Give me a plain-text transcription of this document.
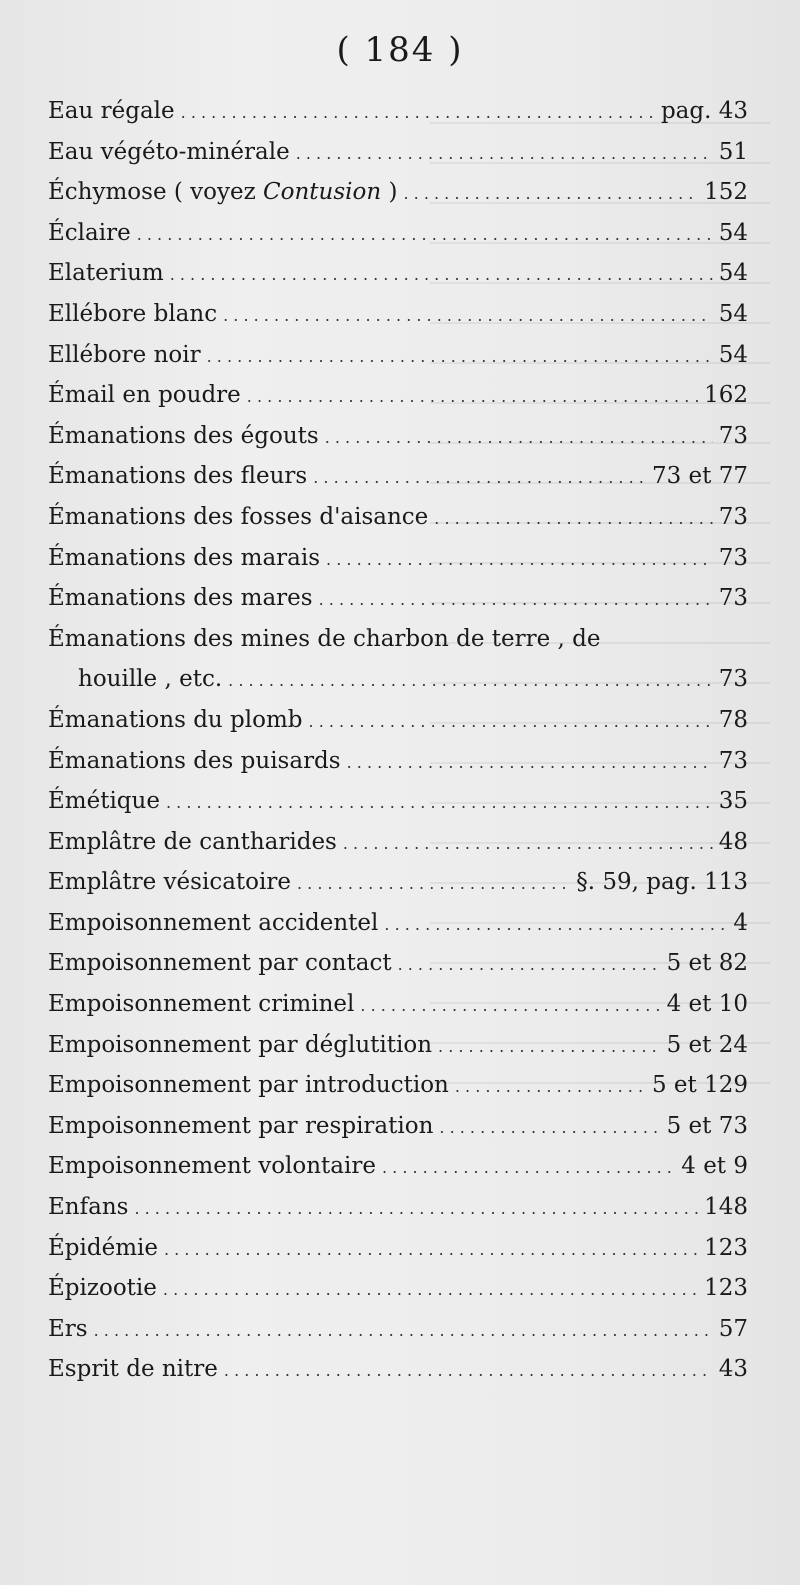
( 184 )
Eau régale . . .	pag. 43
Eau végéto-minérale . . .	51
Échymose ( voyez Contusion ) . . .	152
Éclaire . . .	54
Elaterium . . .	54
Ellébore blanc . . .	54
Ellébore noir . . .	54
Émail en poudre . . .	162
Émanations des égouts . . .	73
Émanations des fleurs . . .	73 et 77
Émanations des fosses d'aisance . . .	73
Émanations des marais . . .	73
Émanations des mares . . .	73
Émanations des mines de charbon de terre , de
houille , etc. . . .	73
Émanations du plomb . . .	78
Émanations des puisards . . .	73
Émétique . . .	35
Emplâtre de cantharides . . .	48
Emplâtre vésicatoire . . .	§. 59, pag. 113
Empoisonnement accidentel . . .	4
Empoisonnement par contact . . .	5 et 82
Empoisonnement criminel . . .	4 et 10
Empoisonnement par déglutition . . .	5 et 24
Empoisonnement par introduction . . .	5 et 129
Empoisonnement par respiration . . .	5 et 73
Empoisonnement volontaire . . .	4 et 9
Enfans . . .	148
Épidémie . . .	123
Épizootie . . .	123
Ers . . .	57
Esprit de nitre . . .	43
